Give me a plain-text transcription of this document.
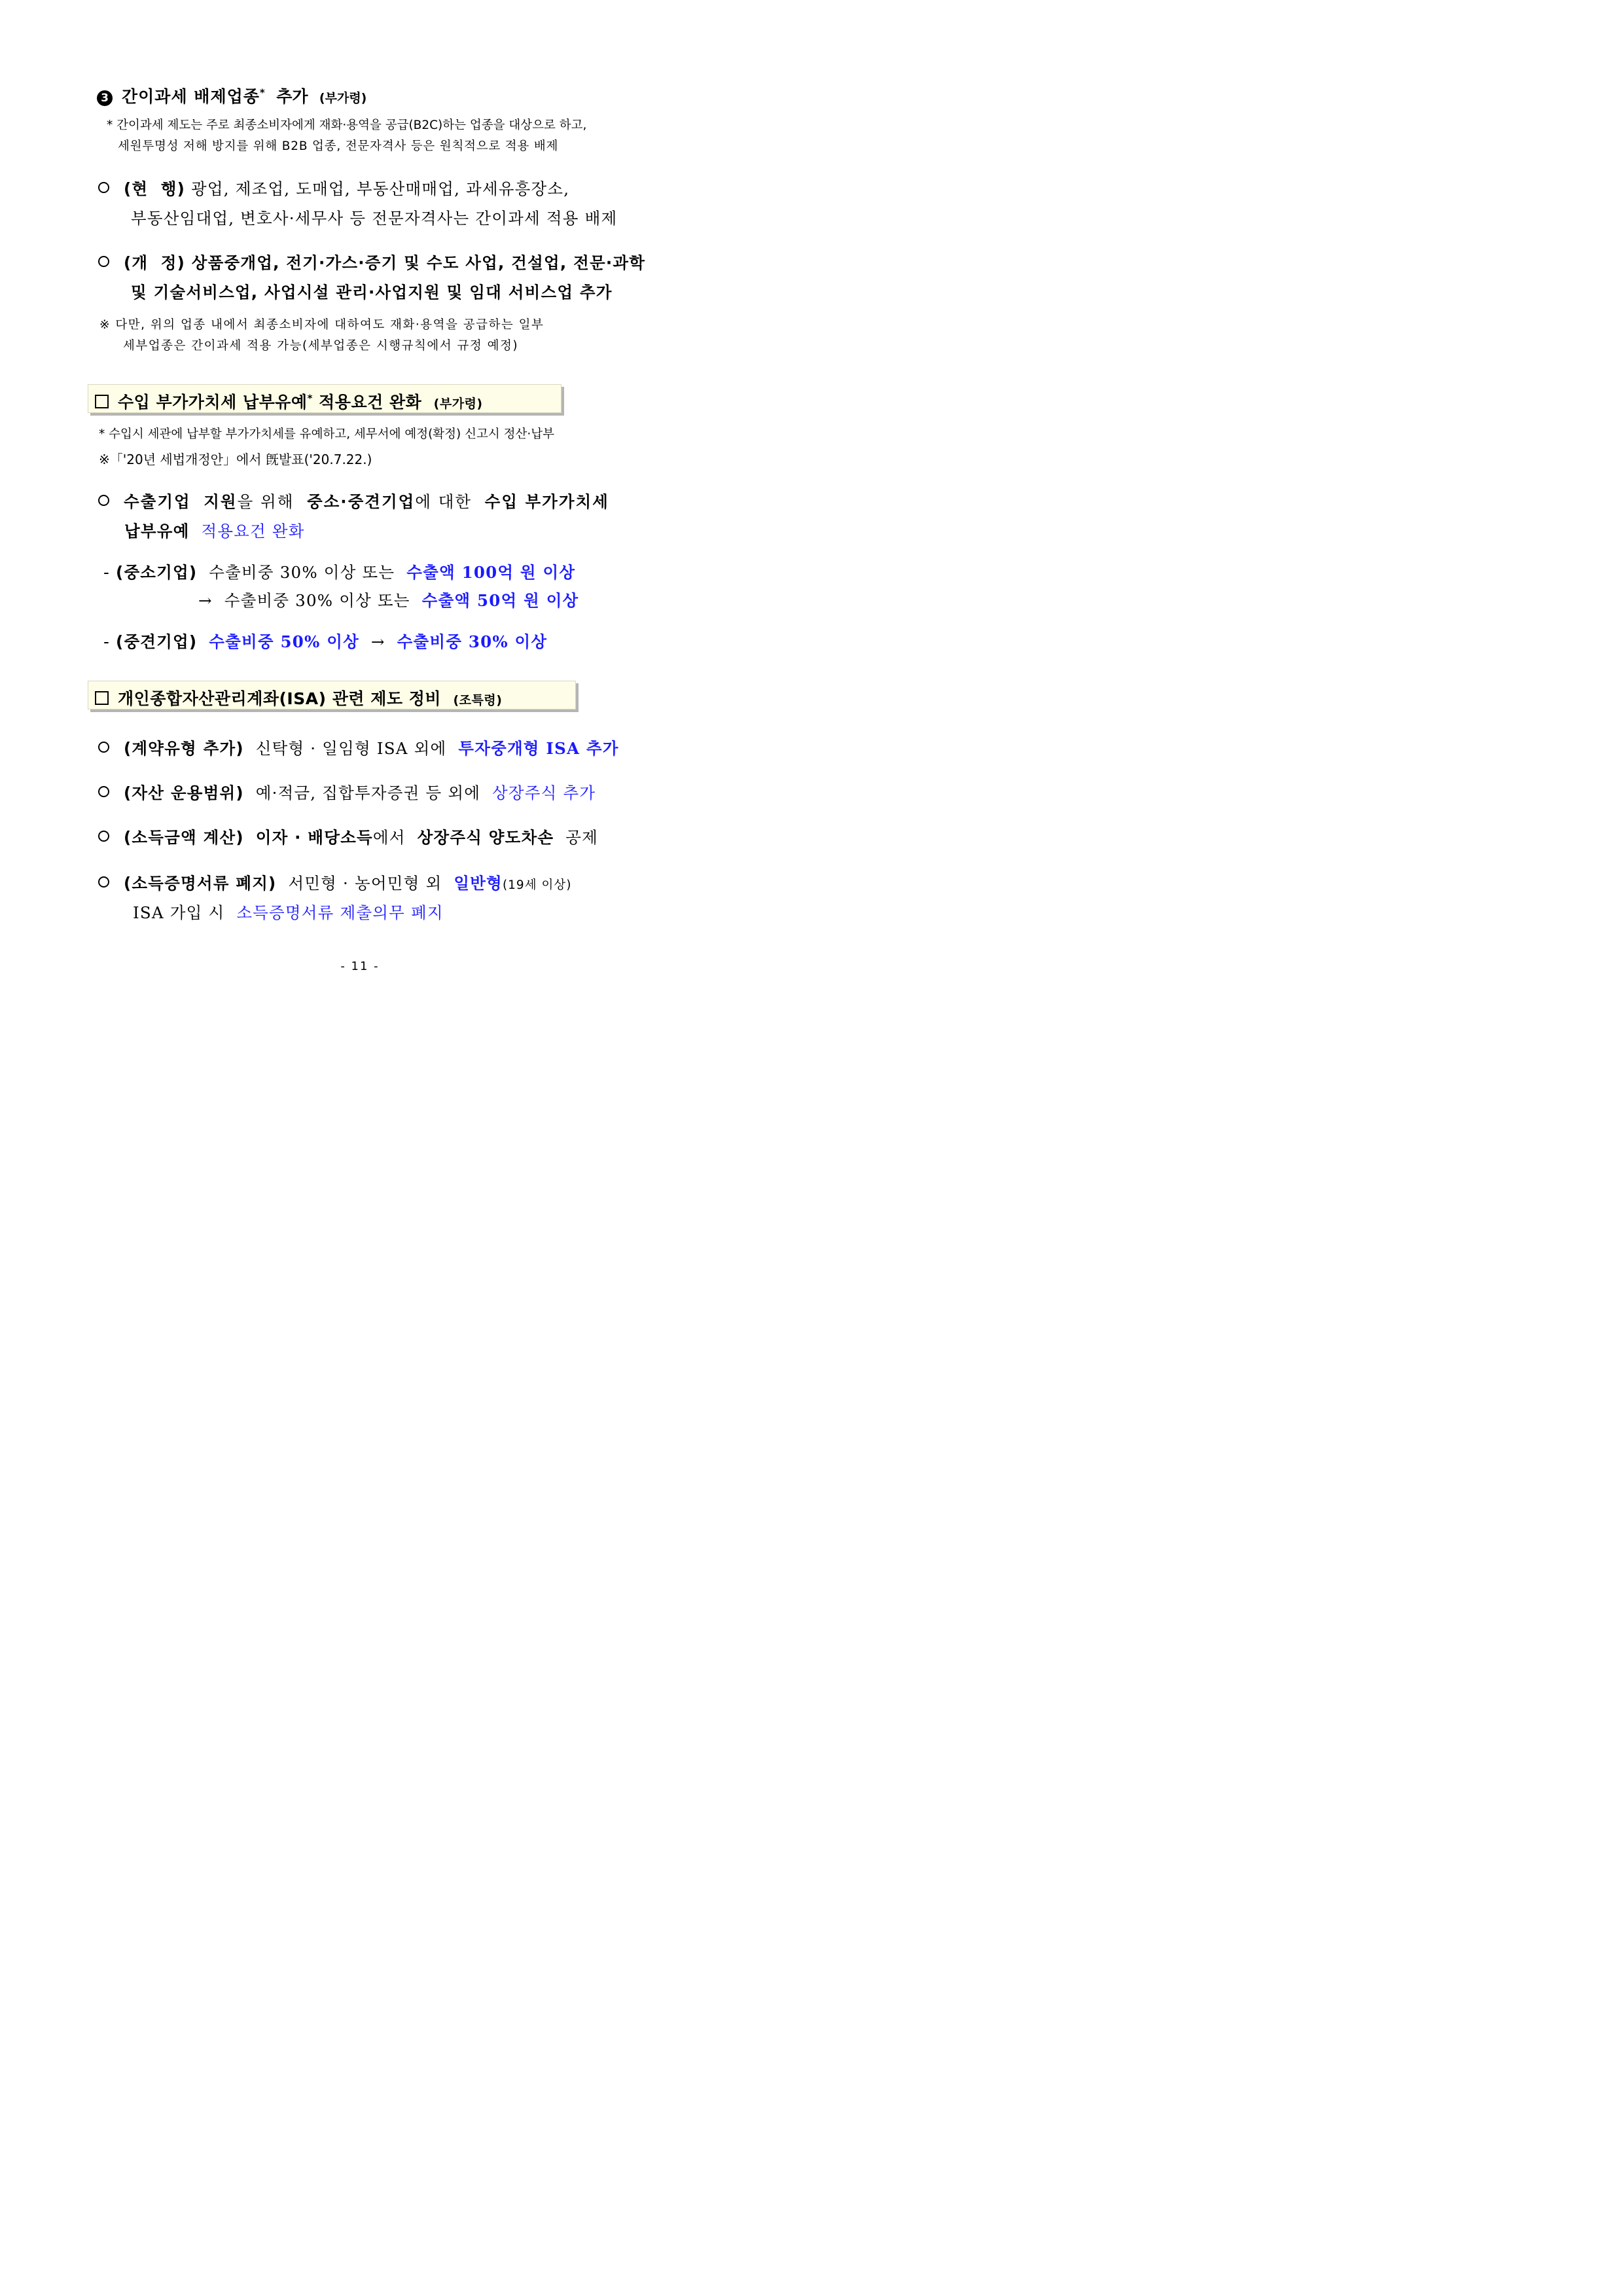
3 간이과세 배제업종* 추가 (부가령)
* 간이과세 제도는 주로 최종소비자에게 재화·용역을 공급(B2C)하는 업종을 대상으로 하고,
세원투명성 저해 방지를 위해 B2B 업종, 전문자격사 등은 원칙적으로 적용 배제
(현  행) 광업, 제조업, 도매업, 부동산매매업, 과세유흥장소,
부동산임대업, 변호사·세무사 등 전문자격사는 간이과세 적용 배제
(개  정) 상품중개업, 전기·가스·증기 및 수도 사업, 건설업, 전문·과학
및 기술서비스업, 사업시설 관리·사업지원 및 임대 서비스업 추가
※ 다만, 위의 업종 내에서 최종소비자에 대하여도 재화·용역을 공급하는 일부
세부업종은 간이과세 적용 가능(세부업종은 시행규칙에서 규정 예정)
수입 부가가치세 납부유예* 적용요건 완화 (부가령)
* 수입시 세관에 납부할 부가가치세를 유예하고, 세무서에 예정(확정) 신고시 정산·납부
※「'20년 세법개정안」에서 旣발표('20.7.22.)
수출기업 지원을 위해 중소·중견기업에 대한 수입 부가가치세
납부유예 적용요건 완화
- (중소기업) 수출비중 30% 이상 또는 수출액 100억 원 이상
→ 수출비중 30% 이상 또는 수출액 50억 원 이상
- (중견기업) 수출비중 50% 이상 → 수출비중 30% 이상
개인종합자산관리계좌(ISA) 관련 제도 정비 (조특령)
(계약유형 추가) 신탁형 · 일임형 ISA 외에 투자중개형 ISA 추가
(자산 운용범위) 예·적금, 집합투자증권 등 외에 상장주식 추가
(소득금액 계산) 이자 · 배당소득에서 상장주식 양도차손 공제
(소득증명서류 폐지) 서민형 · 농어민형 외 일반형(19세 이상)
ISA 가입 시 소득증명서류 제출의무 폐지
- 11 -
